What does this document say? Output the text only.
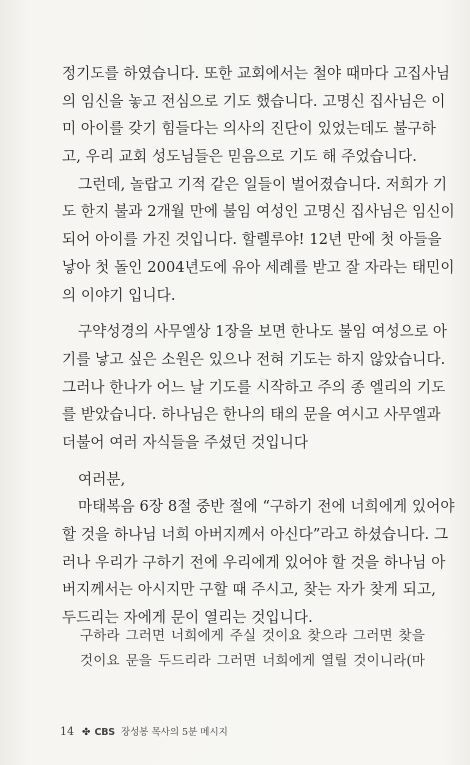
정기도를 하였습니다. 또한 교회에서는 철야 때마다 고집사님
의 임신을 놓고 전심으로 기도 했습니다. 고명신 집사님은 이
미 아이를 갖기 힘들다는 의사의 진단이 있었는데도 불구하
고, 우리 교회 성도님들은 믿음으로 기도 해 주었습니다.
그런데, 놀랍고 기적 같은 일들이 벌어졌습니다. 저희가 기
도 한지 불과 2개월 만에 불임 여성인 고명신 집사님은 임신이
되어 아이를 가진 것입니다. 할렐루야! 12년 만에 첫 아들을
낳아 첫 돌인 2004년도에 유아 세례를 받고 잘 자라는 태민이
의 이야기 입니다.
구약성경의 사무엘상 1장을 보면 한나도 불임 여성으로 아
기를 낳고 싶은 소원은 있으나 전혀 기도는 하지 않았습니다.
그러나 한나가 어느 날 기도를 시작하고 주의 종 엘리의 기도
를 받았습니다. 하나님은 한나의 태의 문을 여시고 사무엘과
더불어 여러 자식들을 주셨던 것입니다
여러분,
마태복음 6장 8절 중반 절에 “구하기 전에 너희에게 있어야
할 것을 하나님 너희 아버지께서 아신다”라고 하셨습니다. 그
러나 우리가 구하기 전에 우리에게 있어야 할 것을 하나님 아
버지께서는 아시지만 구할 때 주시고, 찾는 자가 찾게 되고,
두드리는 자에게 문이 열리는 것입니다.
구하라 그러면 너희에게 주실 것이요 찾으라 그러면 찾을
것이요 문을 두드리라 그러면 너희에게 열릴 것이니라(마
14 ✤ CBS 장성봉 목사의 5분 메시지
